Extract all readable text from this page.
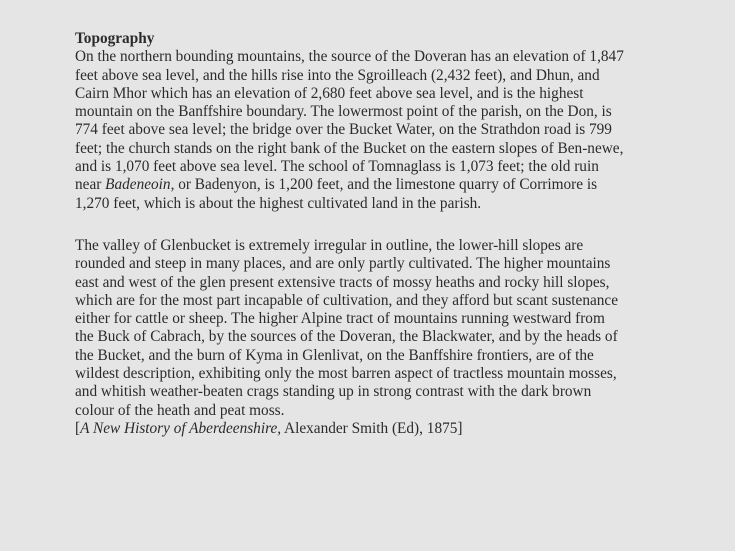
Topography

On the northern bounding mountains, the source of the Doveran has an elevation of 1,847
feet above sea level, and the hills rise into the Sgroilleach (2,432 feet), and Dhun, and
Cairn Mhor which has an elevation of 2,680 feet above sea level, and is the highest
mountain on the Banffshire boundary. The lowermost point of the parish, on the Don, is
774 feet above sea level; the bridge over the Bucket Water, on the Strathdon road is 799
feet; the church stands on the right bank of the Bucket on the eastern slopes of Ben-newe,
and is 1,070 feet above sea level. The school of Tomnaglass is 1,073 feet; the old ruin
near Badeneoin, or Badenyon, is 1,200 feet, and the limestone quarry of Corrimore is
1,270 feet, which is about the highest cultivated land in the parish.

The valley of Glenbucket is extremely irregular in outline, the lower-hill slopes are
rounded and steep in many places, and are only partly cultivated. The higher mountains
east and west of the glen present extensive tracts of mossy heaths and rocky hill slopes,
which are for the most part incapable of cultivation, and they afford but scant sustenance
either for cattle or sheep. The higher Alpine tract of mountains running westward from
the Buck of Cabrach, by the sources of the Doveran, the Blackwater, and by the heads of
the Bucket, and the burn of Kyma in Glenlivat, on the Banffshire frontiers, are of the
wildest description, exhibiting only the most barren aspect of tractless mountain mosses,
and whitish weather-beaten crags standing up in strong contrast with the dark brown
colour of the heath and peat moss.
[A New History of Aberdeenshire, Alexander Smith (Ed), 1875]
